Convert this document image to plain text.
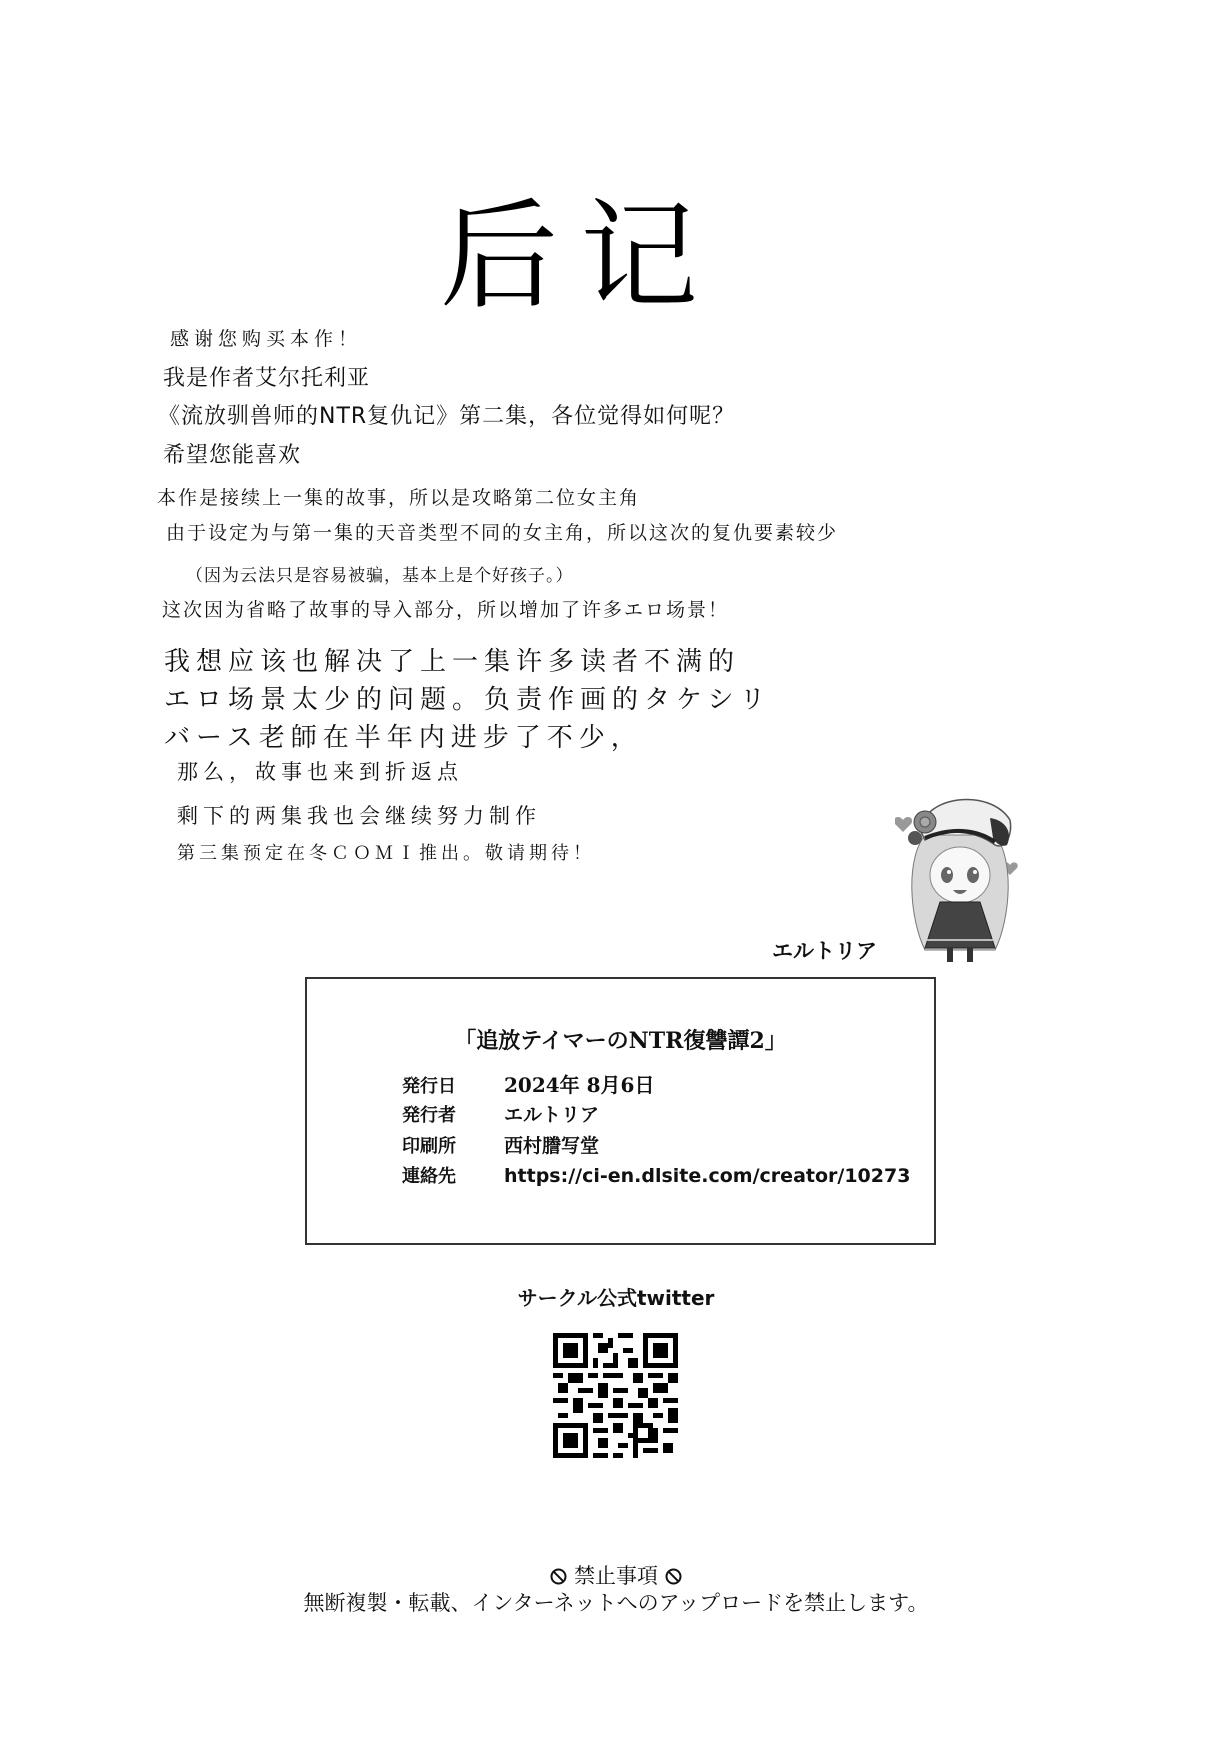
后记
感谢您购买本作！
我是作者艾尔托利亚
《流放驯兽师的NTR复仇记》第二集，各位觉得如何呢？
希望您能喜欢
本作是接续上一集的故事，所以是攻略第二位女主角
由于设定为与第一集的天音类型不同的女主角，所以这次的复仇要素较少
（因为云法只是容易被骗，基本上是个好孩子。）
这次因为省略了故事的导入部分，所以增加了许多エロ场景！
我想应该也解决了上一集许多读者不满的
エロ场景太少的问题。负责作画的タケシリ
バース老師在半年内进步了不少，
那么，故事也来到折返点
剩下的两集我也会继续努力制作
第三集预定在冬ＣＯＭＩ推出。敬请期待！
エルトリア
「追放テイマーのNTR復讐譚2」
発行日	2024年 8月6日
発行者	エルトリア
印刷所	西村謄写堂
連絡先	https://ci-en.dlsite.com/creator/10273
サークル公式twitter
禁止事項
無断複製・転載、インターネットへのアップロードを禁止します。
